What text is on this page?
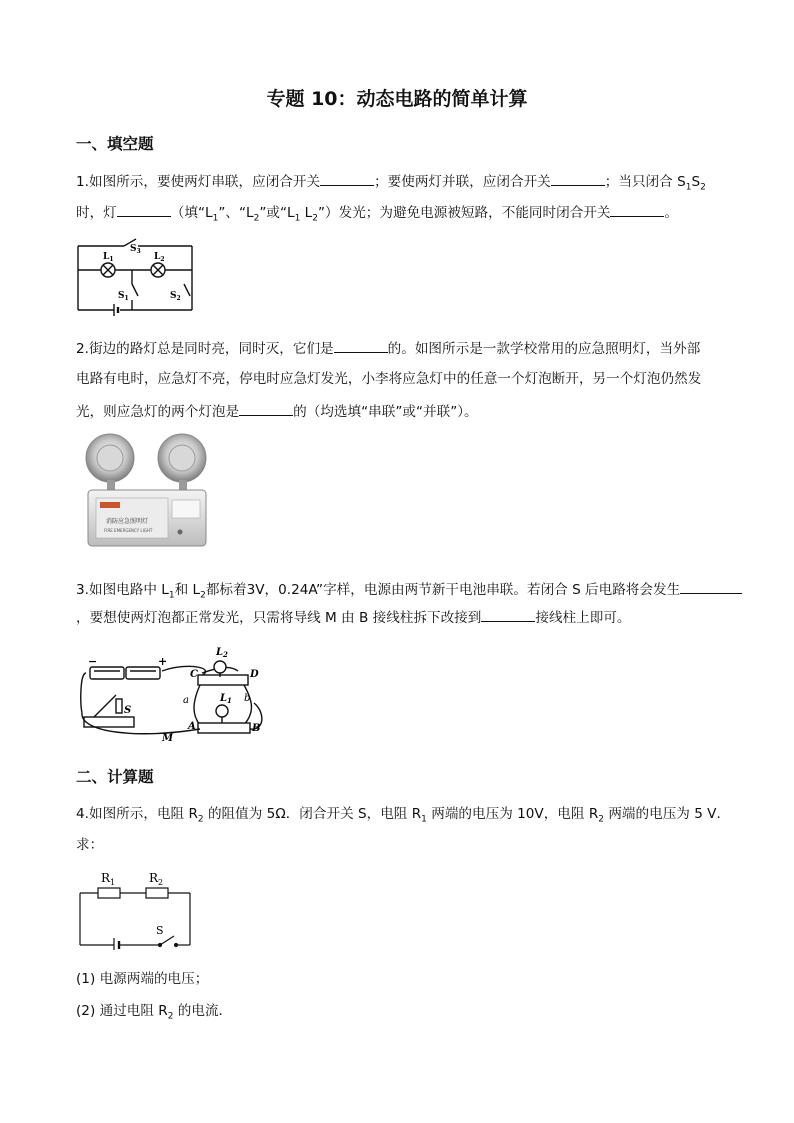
专题 10：动态电路的简单计算
一、填空题
1.如图所示，要使两灯串联，应闭合开关	；要使两灯并联，应闭合开关	；当只闭合 $S_1S_2$
时，灯	（填“$L_1$”、“$L_2$”或“$L_1$ $L_2$”）发光；为避免电源被短路，不能同时闭合开关	。
$S_3$
$L_1$	$L_2$
$S_1$	$S_2$
2.街边的路灯总是同时亮，同时灭，它们是	的。如图所示是一款学校常用的应急照明灯，当外部
电路有电时，应急灯不亮，停电时应急灯发光，小李将应急灯中的任意一个灯泡断开，另一个灯泡仍然发
光，则应急灯的两个灯泡是	的（均选填“串联”或“并联”）。
消防应急照明灯
FIRE EMERGENCY LIGHT
3.如图电路中 $L_1$和 $L_2$都标着3V，0.24A”字样，电源由两节新干电池串联。若闭合 S 后电路将会发生
，要想使两灯泡都正常发光，只需将导线 M 由 B 接线柱拆下改接到	接线柱上即可。
−	+
$L_2$
C	D
a	b
$L_1$
S
A	B
M
二、计算题
4.如图所示，电阻 $R_2$ 的阻值为 5Ω．闭合开关 S，电阻 $R_1$ 两端的电压为 10V，电阻 $R_2$ 两端的电压为 5 V．
求：
$R_1$	$R_2$
S
(1) 电源两端的电压；
(2) 通过电阻 $R_2$ 的电流．
